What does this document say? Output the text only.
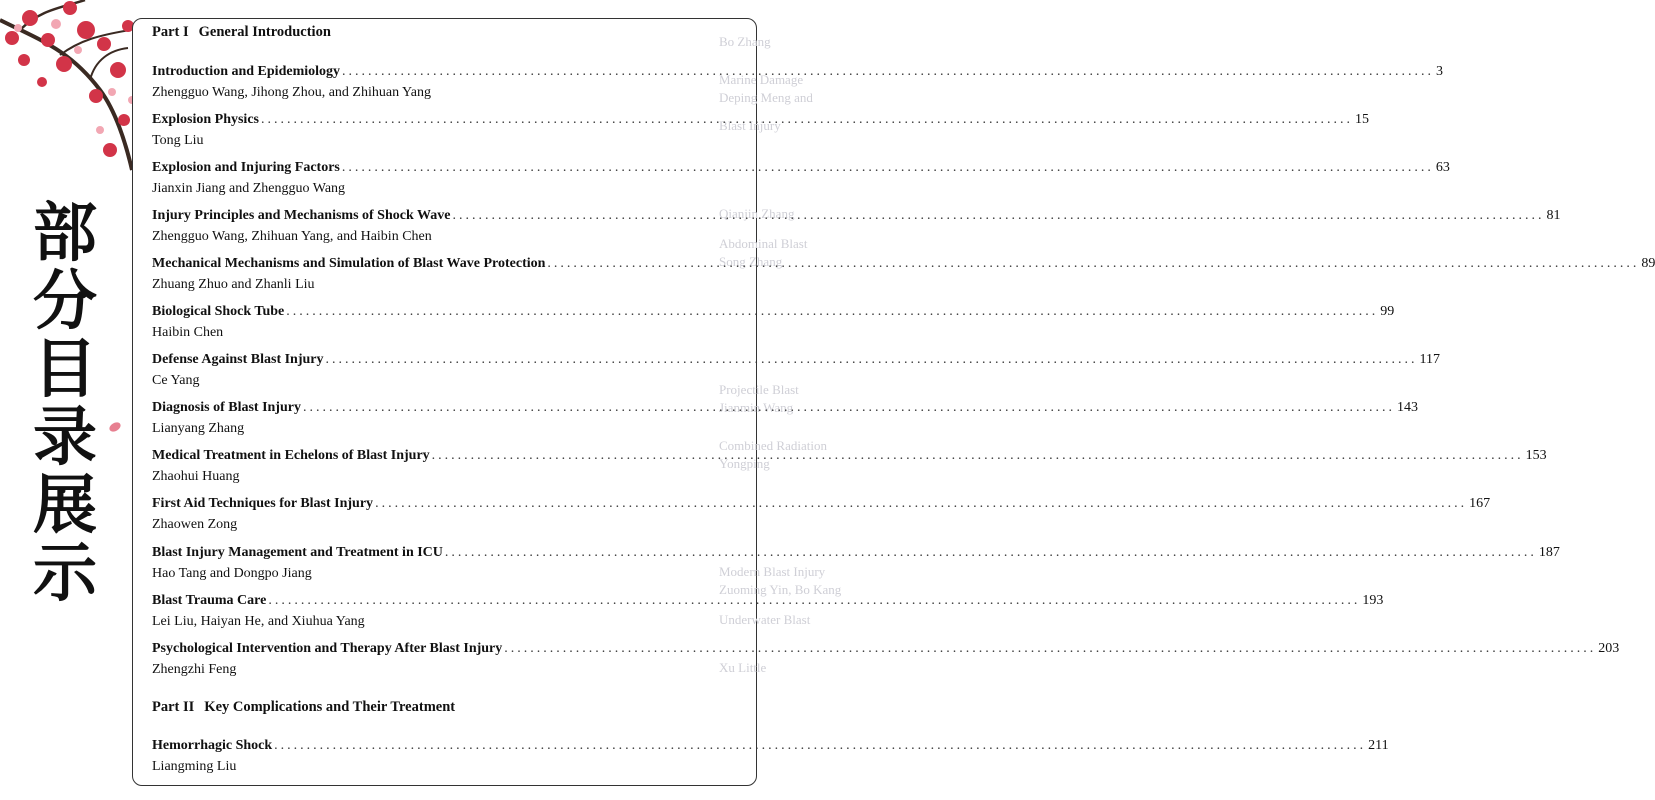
部
分
目
录
展
示
Bo Zhang
Marine Damage
Deping Meng and
Blast Injury
Qianjin Zhang
Abdominal Blast
Song Zhang
Projectile Blast
Jianmin Wang
Combined Radiation
Yongping
Modern Blast Injury
Zuoming Yin, Bo Kang
Underwater Blast
Xu Little
Part I General Introduction
Introduction and Epidemiology .....	3
Zhengguo Wang, Jihong Zhou, and Zhihuan Yang
Explosion Physics .....	15
Tong Liu
Explosion and Injuring Factors .....	63
Jianxin Jiang and Zhengguo Wang
Injury Principles and Mechanisms of Shock Wave .....	81
Zhengguo Wang, Zhihuan Yang, and Haibin Chen
Mechanical Mechanisms and Simulation of Blast Wave Protection .....	89
Zhuang Zhuo and Zhanli Liu
Biological Shock Tube .....	99
Haibin Chen
Defense Against Blast Injury .....	117
Ce Yang
Diagnosis of Blast Injury .....	143
Lianyang Zhang
Medical Treatment in Echelons of Blast Injury .....	153
Zhaohui Huang
First Aid Techniques for Blast Injury .....	167
Zhaowen Zong
Blast Injury Management and Treatment in ICU .....	187
Hao Tang and Dongpo Jiang
Blast Trauma Care .....	193
Lei Liu, Haiyan He, and Xiuhua Yang
Psychological Intervention and Therapy After Blast Injury .....	203
Zhengzhi Feng
Part II Key Complications and Their Treatment
Hemorrhagic Shock .....	211
Liangming Liu
